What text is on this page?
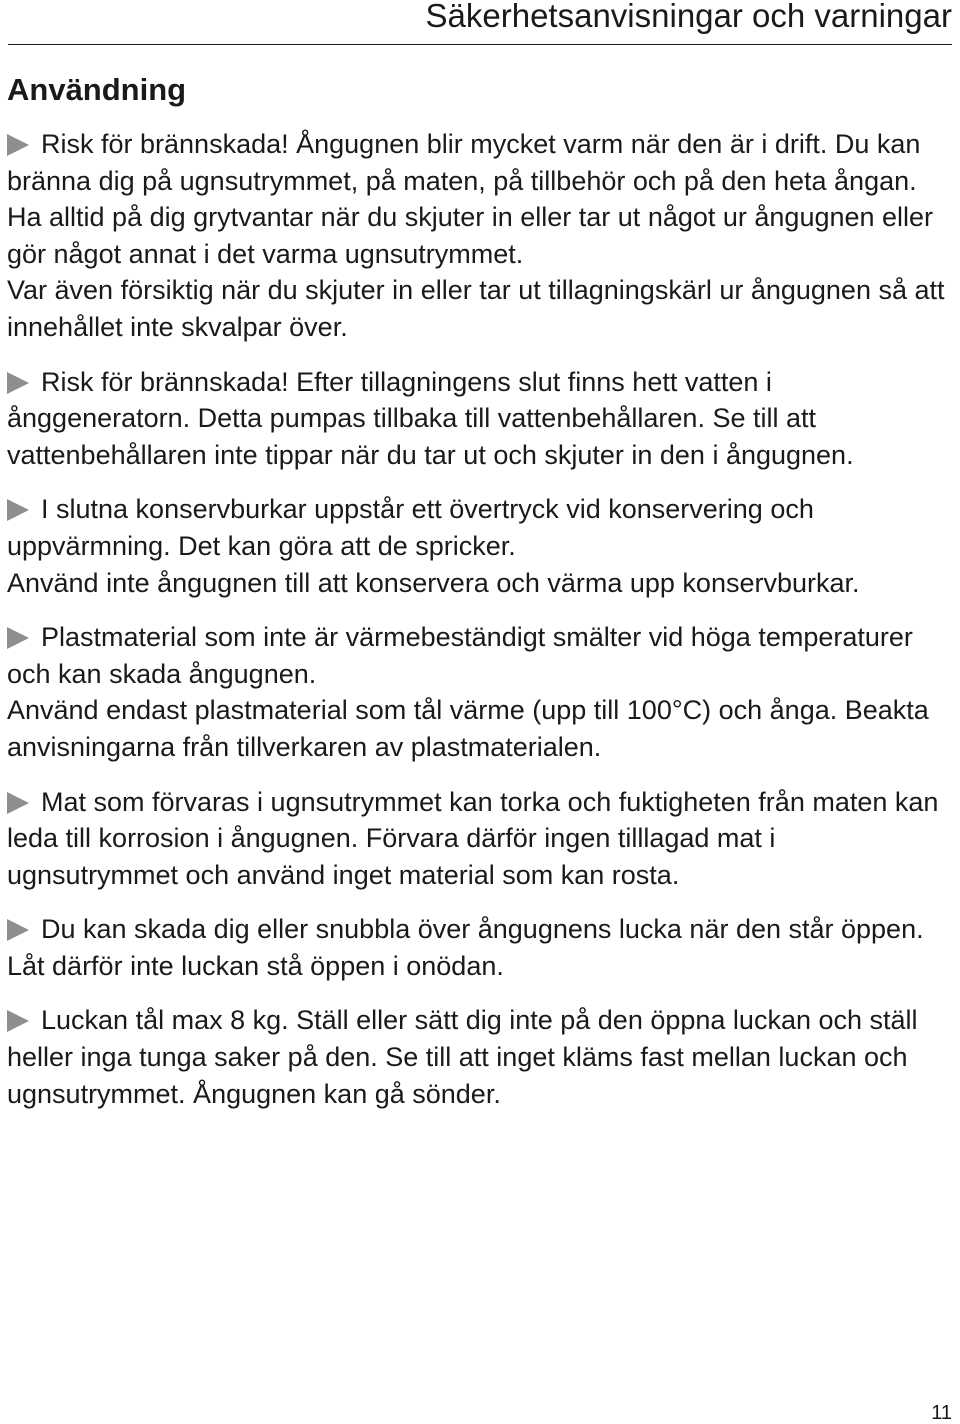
Säkerhetsanvisningar och varningar
Användning

Risk för brännskada! Ångugnen blir mycket varm när den är i drift. Du kan bränna dig på ugnsutrymmet, på maten, på tillbehör och på den heta ångan. Ha alltid på dig grytvantar när du skjuter in eller tar ut något ur ångugnen eller gör något annat i det varma ugnsutrymmet.

Var även försiktig när du skjuter in eller tar ut tillagningskärl ur ångugnen så att innehållet inte skvalpar över.

Risk för brännskada! Efter tillagningens slut finns hett vatten i ånggeneratorn. Detta pumpas tillbaka till vattenbehållaren. Se till att vattenbehållaren inte tippar när du tar ut och skjuter in den i ångugnen.

I slutna konservburkar uppstår ett övertryck vid konservering och uppvärmning. Det kan göra att de spricker.

Använd inte ångugnen till att konservera och värma upp konservburkar.

Plastmaterial som inte är värmebeständigt smälter vid höga temperaturer och kan skada ångugnen.

Använd endast plastmaterial som tål värme (upp till 100°C) och ånga. Beakta anvisningarna från tillverkaren av plastmaterialen.

Mat som förvaras i ugnsutrymmet kan torka och fuktigheten från maten kan leda till korrosion i ångugnen. Förvara därför ingen tilllagad mat i ugnsutrymmet och använd inget material som kan rosta.

Du kan skada dig eller snubbla över ångugnens lucka när den står öppen.

Låt därför inte luckan stå öppen i onödan.

Luckan tål max 8 kg. Ställ eller sätt dig inte på den öppna luckan och ställ heller inga tunga saker på den. Se till att inget kläms fast mellan luckan och ugnsutrymmet. Ångugnen kan gå sönder.

11
